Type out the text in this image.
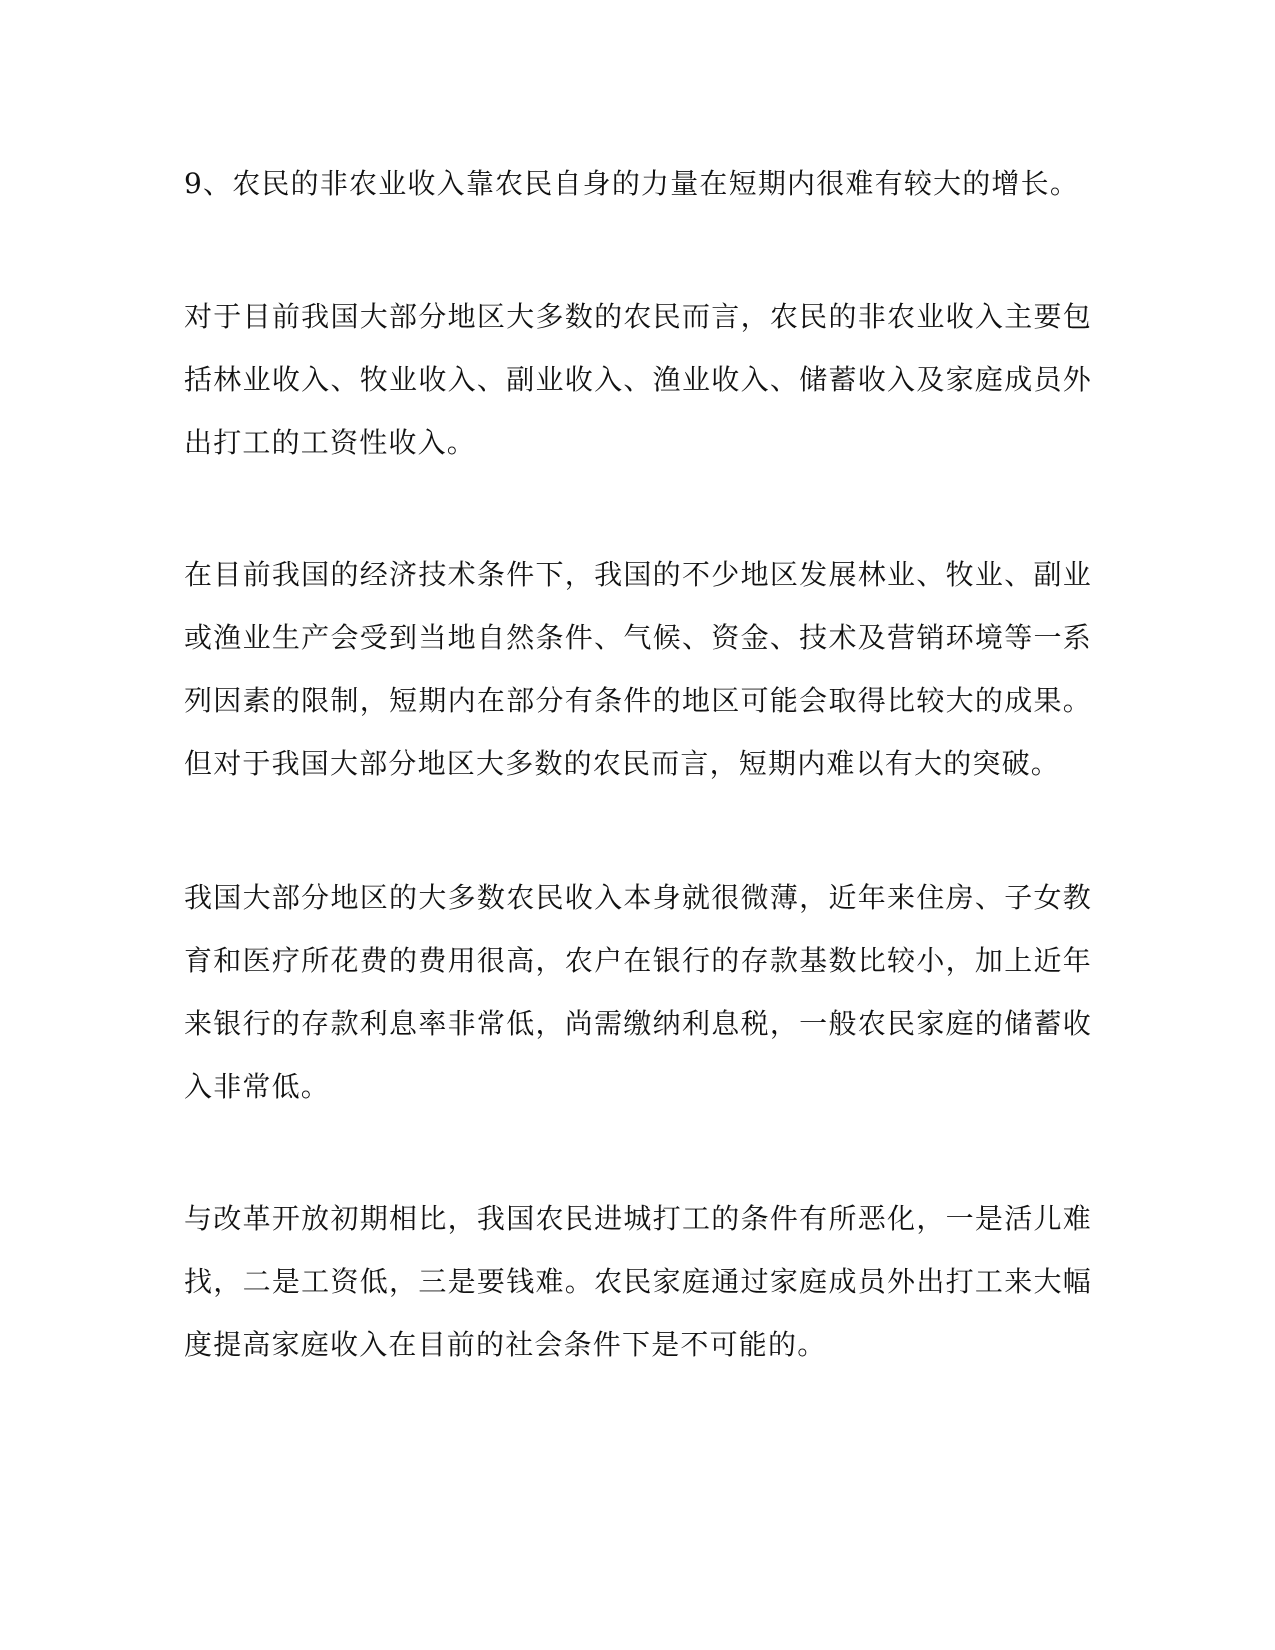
9、农民的非农业收入靠农民自身的力量在短期内很难有较大的增长。

对于目前我国大部分地区大多数的农民而言，农民的非农业收入主要包括林业收入、牧业收入、副业收入、渔业收入、储蓄收入及家庭成员外出打工的工资性收入。

在目前我国的经济技术条件下，我国的不少地区发展林业、牧业、副业或渔业生产会受到当地自然条件、气候、资金、技术及营销环境等一系列因素的限制，短期内在部分有条件的地区可能会取得比较大的成果。但对于我国大部分地区大多数的农民而言，短期内难以有大的突破。

我国大部分地区的大多数农民收入本身就很微薄，近年来住房、子女教育和医疗所花费的费用很高，农户在银行的存款基数比较小，加上近年来银行的存款利息率非常低，尚需缴纳利息税，一般农民家庭的储蓄收入非常低。

与改革开放初期相比，我国农民进城打工的条件有所恶化，一是活儿难找，二是工资低，三是要钱难。农民家庭通过家庭成员外出打工来大幅度提高家庭收入在目前的社会条件下是不可能的。
